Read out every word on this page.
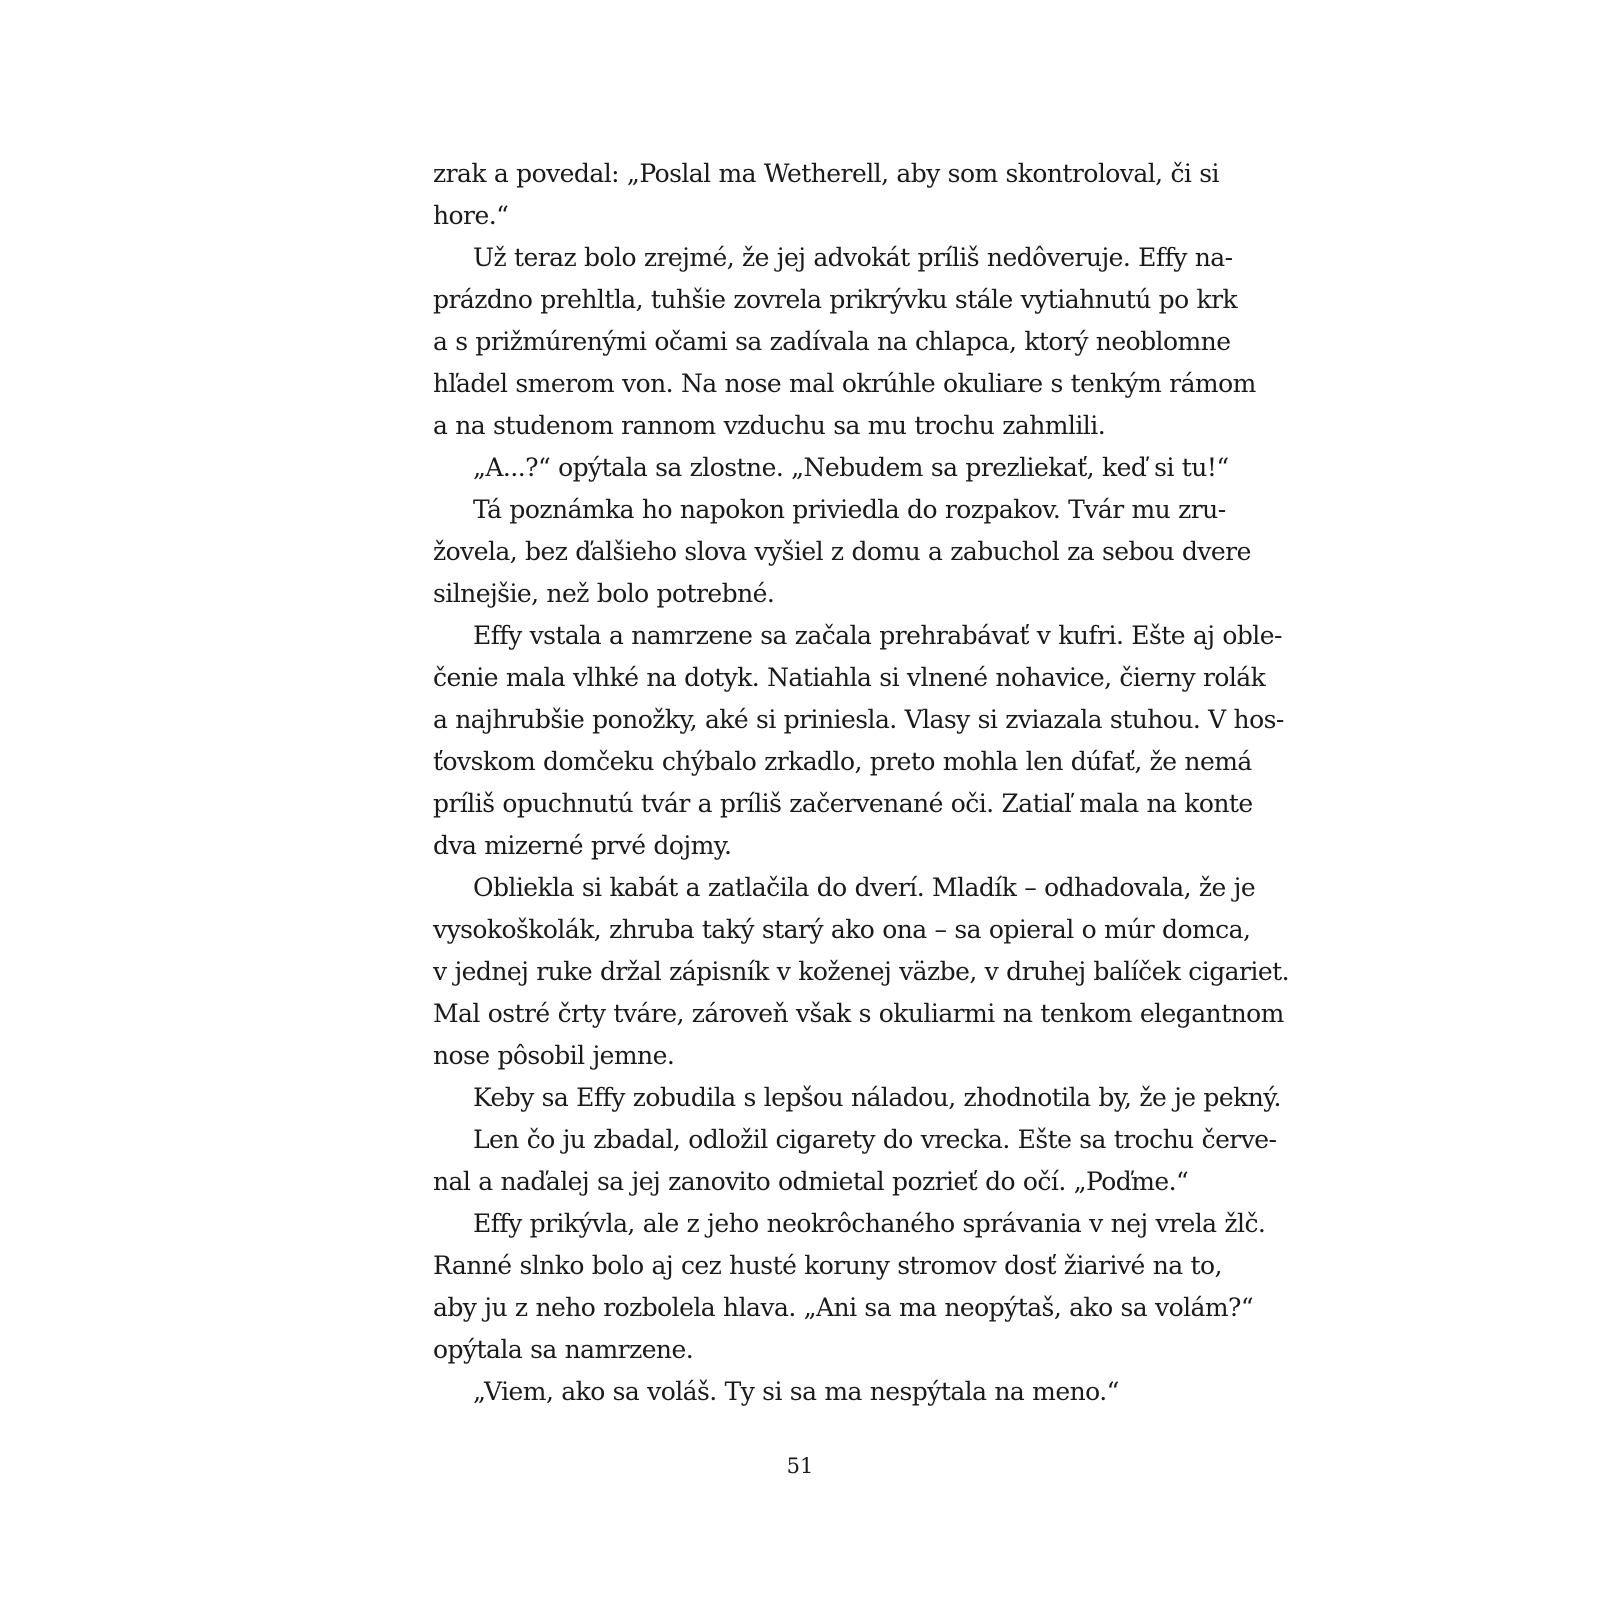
zrak a povedal: „Poslal ma Wetherell, aby som skontroloval, či si
hore.“
Už teraz bolo zrejmé, že jej advokát príliš nedôveruje. Effy na-
prázdno prehltla, tuhšie zovrela prikrývku stále vytiahnutú po krk
a s prižmúrenými očami sa zadívala na chlapca, ktorý neoblomne
hľadel smerom von. Na nose mal okrúhle okuliare s tenkým rámom
a na studenom rannom vzduchu sa mu trochu zahmlili.
„A...?“ opýtala sa zlostne. „Nebudem sa prezliekať, keď si tu!“
Tá poznámka ho napokon priviedla do rozpakov. Tvár mu zru-
žovela, bez ďalšieho slova vyšiel z domu a zabuchol za sebou dvere
silnejšie, než bolo potrebné.
Effy vstala a namrzene sa začala prehrabávať v kufri. Ešte aj oble-
čenie mala vlhké na dotyk. Natiahla si vlnené nohavice, čierny rolák
a najhrubšie ponožky, aké si priniesla. Vlasy si zviazala stuhou. V hos-
ťovskom domčeku chýbalo zrkadlo, preto mohla len dúfať, že nemá
príliš opuchnutú tvár a príliš začervenané oči. Zatiaľ mala na konte
dva mizerné prvé dojmy.
Obliekla si kabát a zatlačila do dverí. Mladík – odhadovala, že je
vysokoškolák, zhruba taký starý ako ona – sa opieral o múr domca,
v jednej ruke držal zápisník v koženej väzbe, v druhej balíček cigariet.
Mal ostré črty tváre, zároveň však s okuliarmi na tenkom elegantnom
nose pôsobil jemne.
Keby sa Effy zobudila s lepšou náladou, zhodnotila by, že je pekný.
Len čo ju zbadal, odložil cigarety do vrecka. Ešte sa trochu červe-
nal a naďalej sa jej zanovito odmietal pozrieť do očí. „Poďme.“
Effy prikývla, ale z jeho neokrôchaného správania v nej vrela žlč.
Ranné slnko bolo aj cez husté koruny stromov dosť žiarivé na to,
aby ju z neho rozbolela hlava. „Ani sa ma neopýtaš, ako sa volám?“
opýtala sa namrzene.
„Viem, ako sa voláš. Ty si sa ma nespýtala na meno.“
51
